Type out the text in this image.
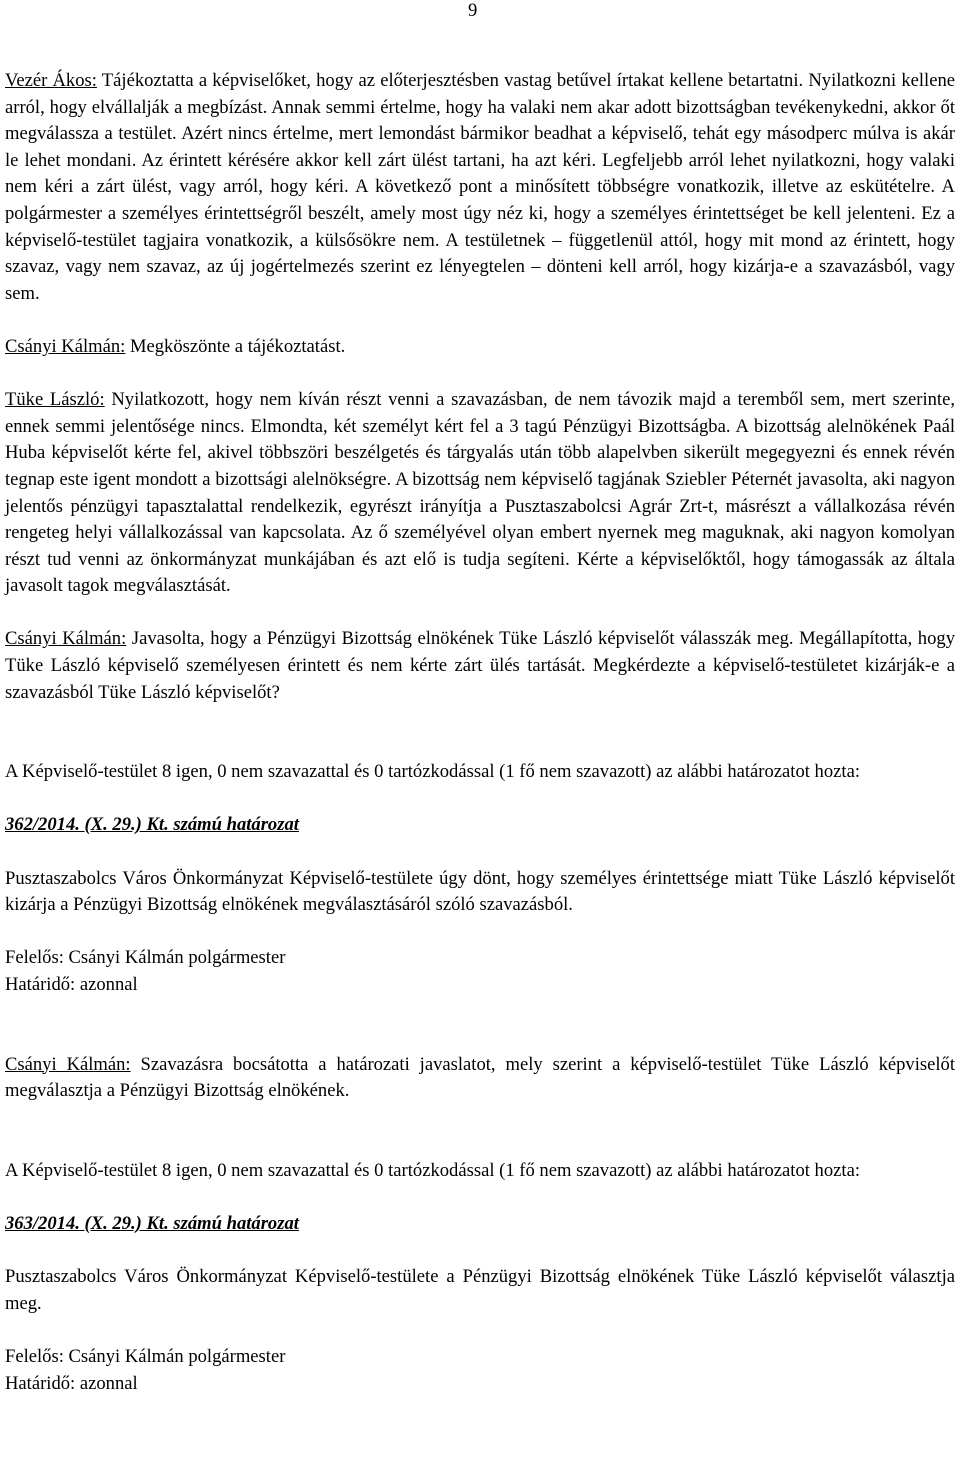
9

Vezér Ákos: Tájékoztatta a képviselőket, hogy az előterjesztésben vastag betűvel írtakat kellene betartatni. Nyilatkozni kellene arról, hogy elvállalják a megbízást. Annak semmi értelme, hogy ha valaki nem akar adott bizottságban tevékenykedni, akkor őt megválassza a testület. Azért nincs értelme, mert lemondást bármikor beadhat a képviselő, tehát egy másodperc múlva is akár le lehet mondani. Az érintett kérésére akkor kell zárt ülést tartani, ha azt kéri. Legfeljebb arról lehet nyilatkozni, hogy valaki nem kéri a zárt ülést, vagy arról, hogy kéri. A következő pont a minősített többségre vonatkozik, illetve az eskütételre. A polgármester a személyes érintettségről beszélt, amely most úgy néz ki, hogy a személyes érintettséget be kell jelenteni. Ez a képviselő-testület tagjaira vonatkozik, a külsősökre nem. A testületnek – függetlenül attól, hogy mit mond az érintett, hogy szavaz, vagy nem szavaz, az új jogértelmezés szerint ez lényegtelen – dönteni kell arról, hogy kizárja-e a szavazásból, vagy sem.

Csányi Kálmán: Megköszönte a tájékoztatást.

Tüke László: Nyilatkozott, hogy nem kíván részt venni a szavazásban, de nem távozik majd a teremből sem, mert szerinte, ennek semmi jelentősége nincs. Elmondta, két személyt kért fel a 3 tagú Pénzügyi Bizottságba. A bizottság alelnökének Paál Huba képviselőt kérte fel, akivel többszöri beszélgetés és tárgyalás után több alapelvben sikerült megegyezni és ennek révén tegnap este igent mondott a bizottsági alelnökségre. A bizottság nem képviselő tagjának Sziebler Péternét javasolta, aki nagyon jelentős pénzügyi tapasztalattal rendelkezik, egyrészt irányítja a Pusztaszabolcsi Agrár Zrt-t, másrészt a vállalkozása révén rengeteg helyi vállalkozással van kapcsolata. Az ő személyével olyan embert nyernek meg maguknak, aki nagyon komolyan részt tud venni az önkormányzat munkájában és azt elő is tudja segíteni. Kérte a képviselőktől, hogy támogassák az általa javasolt tagok megválasztását.

Csányi Kálmán: Javasolta, hogy a Pénzügyi Bizottság elnökének Tüke László képviselőt válasszák meg. Megállapította, hogy Tüke László képviselő személyesen érintett és nem kérte zárt ülés tartását. Megkérdezte a képviselő-testületet kizárják-e a szavazásból Tüke László képviselőt?

A Képviselő-testület 8 igen, 0 nem szavazattal és 0 tartózkodással (1 fő nem szavazott) az alábbi határozatot hozta:

362/2014. (X. 29.) Kt. számú határozat

Pusztaszabolcs Város Önkormányzat Képviselő-testülete úgy dönt, hogy személyes érintettsége miatt Tüke László képviselőt kizárja a Pénzügyi Bizottság elnökének megválasztásáról szóló szavazásból.

Felelős: Csányi Kálmán polgármester

Határidő: azonnal

Csányi Kálmán: Szavazásra bocsátotta a határozati javaslatot, mely szerint a képviselő-testület Tüke László képviselőt megválasztja a Pénzügyi Bizottság elnökének.

A Képviselő-testület 8 igen, 0 nem szavazattal és 0 tartózkodással (1 fő nem szavazott) az alábbi határozatot hozta:

363/2014. (X. 29.) Kt. számú határozat

Pusztaszabolcs Város Önkormányzat Képviselő-testülete a Pénzügyi Bizottság elnökének Tüke László képviselőt választja meg.

Felelős: Csányi Kálmán polgármester

Határidő: azonnal
